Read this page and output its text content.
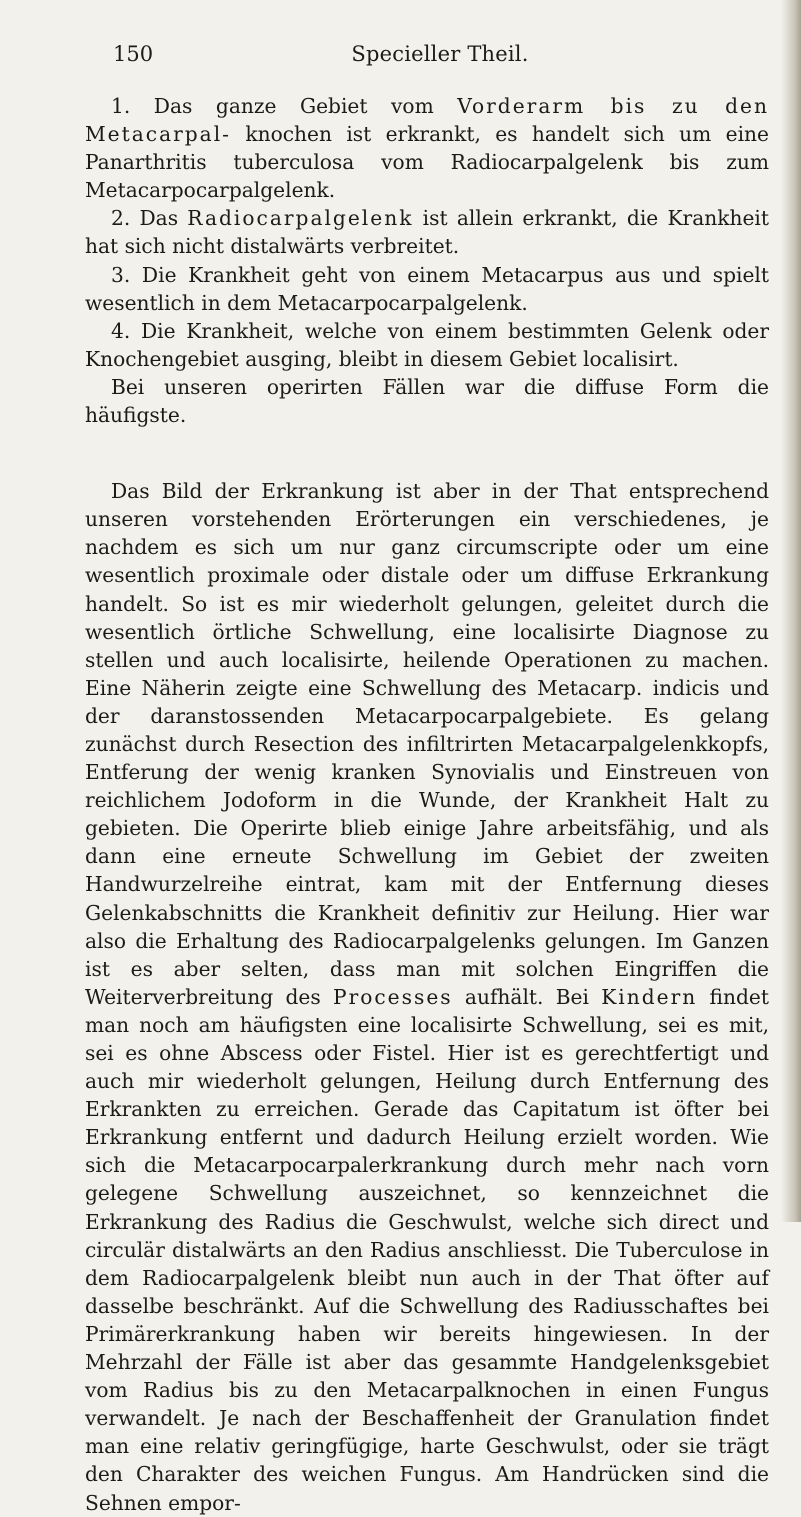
150	Specieller Theil.

1. Das ganze Gebiet vom Vorderarm bis zu den Metacarpal- knochen ist erkrankt, es handelt sich um eine Panarthritis tuberculosa vom Radiocarpalgelenk bis zum Metacarpocarpalgelenk.

2. Das Radiocarpalgelenk ist allein erkrankt, die Krankheit hat sich nicht distalwärts verbreitet.

3. Die Krankheit geht von einem Metacarpus aus und spielt wesentlich in dem Metacarpocarpalgelenk.

4. Die Krankheit, welche von einem bestimmten Gelenk oder Knochengebiet ausging, bleibt in diesem Gebiet localisirt.

Bei unseren operirten Fällen war die diffuse Form die häufigste.

Das Bild der Erkrankung ist aber in der That entsprechend unseren vorstehenden Erörterungen ein verschiedenes, je nachdem es sich um nur ganz circumscripte oder um eine wesentlich proximale oder distale oder um diffuse Erkrankung handelt. So ist es mir wiederholt gelungen, geleitet durch die wesentlich örtliche Schwellung, eine localisirte Diagnose zu stellen und auch localisirte, heilende Operationen zu machen. Eine Näherin zeigte eine Schwellung des Metacarp. indicis und der daranstossenden Metacarpocarpalgebiete. Es gelang zunächst durch Resection des infiltrirten Metacarpalgelenkkopfs, Entferung der wenig kranken Synovialis und Einstreuen von reichlichem Jodoform in die Wunde, der Krankheit Halt zu gebieten. Die Operirte blieb einige Jahre arbeitsfähig, und als dann eine erneute Schwellung im Gebiet der zweiten Handwurzelreihe eintrat, kam mit der Entfernung dieses Gelenkabschnitts die Krankheit definitiv zur Heilung. Hier war also die Erhaltung des Radiocarpalgelenks gelungen. Im Ganzen ist es aber selten, dass man mit solchen Eingriffen die Weiterverbreitung des Processes aufhält. Bei Kindern findet man noch am häufigsten eine localisirte Schwellung, sei es mit, sei es ohne Abscess oder Fistel. Hier ist es gerechtfertigt und auch mir wiederholt gelungen, Heilung durch Entfernung des Erkrankten zu erreichen. Gerade das Capitatum ist öfter bei Erkrankung entfernt und dadurch Heilung erzielt worden. Wie sich die Metacarpocarpalerkrankung durch mehr nach vorn gelegene Schwellung auszeichnet, so kennzeichnet die Erkrankung des Radius die Geschwulst, welche sich direct und circulär distalwärts an den Radius anschliesst. Die Tuberculose in dem Radiocarpalgelenk bleibt nun auch in der That öfter auf dasselbe beschränkt. Auf die Schwellung des Radiusschaftes bei Primärerkrankung haben wir bereits hingewiesen. In der Mehrzahl der Fälle ist aber das gesammte Handgelenksgebiet vom Radius bis zu den Metacarpalknochen in einen Fungus verwandelt. Je nach der Beschaffenheit der Granulation findet man eine relativ geringfügige, harte Geschwulst, oder sie trägt den Charakter des weichen Fungus. Am Handrücken sind die Sehnen empor-
